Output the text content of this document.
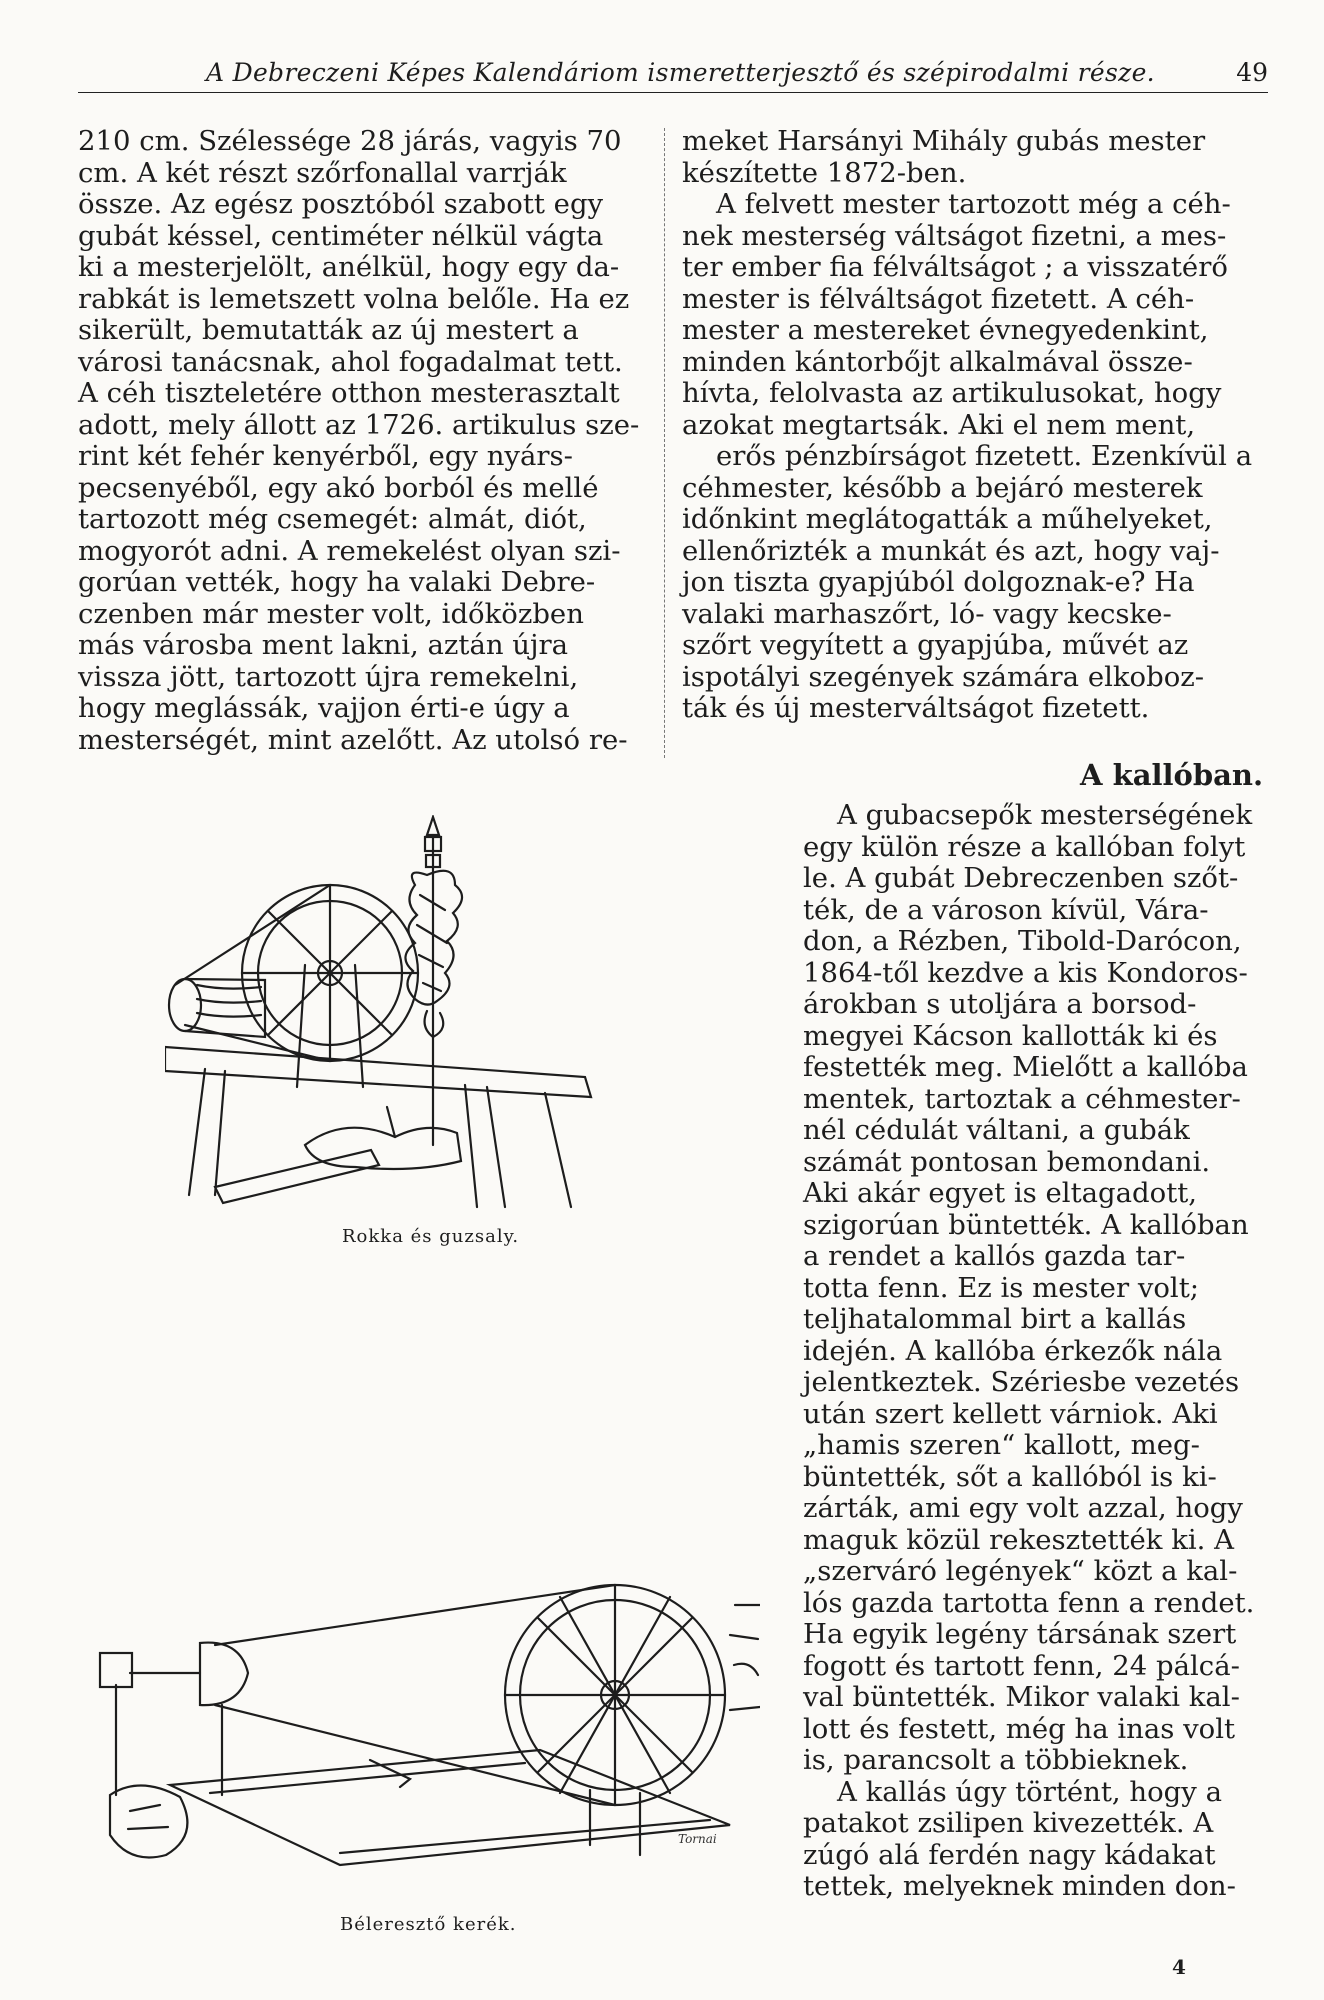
A Debreczeni Képes Kalendáriom ismeretterjesztő és szépirodalmi része.	49

210 cm. Szélessége 28 járás, vagyis 70

cm. A két részt szőrfonallal varrják

össze. Az egész posztóból szabott egy

gubát késsel, centiméter nélkül vágta

ki a mesterjelölt, anélkül, hogy egy da-

rabkát is lemetszett volna belőle. Ha ez

sikerült, bemutatták az új mestert a

városi tanácsnak, ahol fogadalmat tett.

A céh tiszteletére otthon mesterasztalt

adott, mely állott az 1726. artikulus sze-

rint két fehér kenyérből, egy nyárs-

pecsenyéből, egy akó borból és mellé

tartozott még csemegét: almát, diót,

mogyorót adni. A remekelést olyan szi-

gorúan vették, hogy ha valaki Debre-

czenben már mester volt, időközben

más városba ment lakni, aztán újra

vissza jött, tartozott újra remekelni,

hogy meglássák, vajjon érti-e úgy a

mesterségét, mint azelőtt. Az utolsó re-

meket Harsányi Mihály gubás mester

készítette 1872-ben.

A felvett mester tartozott még a céh-

nek mesterség váltságot fizetni, a mes-

ter ember fia félváltságot ; a visszatérő

mester is félváltságot fizetett. A céh-

mester a mestereket évnegyedenkint,

minden kántorbőjt alkalmával össze-

hívta, felolvasta az artikulusokat, hogy

azokat megtartsák. Aki el nem ment,

erős pénzbírságot fizetett. Ezenkívül a

céhmester, később a bejáró mesterek

időnkint meglátogatták a műhelyeket,

ellenőrizték a munkát és azt, hogy vaj-

jon tiszta gyapjúból dolgoznak-e? Ha

valaki marhaszőrt, ló- vagy kecske-

szőrt vegyített a gyapjúba, művét az

ispotályi szegények számára elkoboz-

ták és új mesterváltságot fizetett.

A kallóban.

A gubacsepők mesterségének

egy külön része a kallóban folyt

le. A gubát Debreczenben szőt-

ték, de a városon kívül, Vára-

don, a Rézben, Tibold-Darócon,

1864-től kezdve a kis Kondoros-

árokban s utoljára a borsod-

megyei Kácson kallották ki és

festették meg. Mielőtt a kallóba

mentek, tartoztak a céhmester-

nél cédulát váltani, a gubák

számát pontosan bemondani.

Aki akár egyet is eltagadott,

szigorúan büntették. A kallóban

a rendet a kallós gazda tar-

totta fenn. Ez is mester volt;

teljhatalommal birt a kallás

idején. A kallóba érkezők nála

jelentkeztek. Szériesbe vezetés

után szert kellett várniok. Aki

„hamis szeren“ kallott, meg-

büntették, sőt a kallóból is ki-

zárták, ami egy volt azzal, hogy

maguk közül rekesztették ki. A

„szerváró legények“ közt a kal-

lós gazda tartotta fenn a rendet.

Ha egyik legény társának szert

fogott és tartott fenn, 24 pálcá-

val büntették. Mikor valaki kal-

lott és festett, még ha inas volt

is, parancsolt a többieknek.

A kallás úgy történt, hogy a

patakot zsilipen kivezették. A

zúgó alá ferdén nagy kádakat

tettek, melyeknek minden don-

Rokka és guzsaly.
Tornai
Béleresztő kerék.
4
